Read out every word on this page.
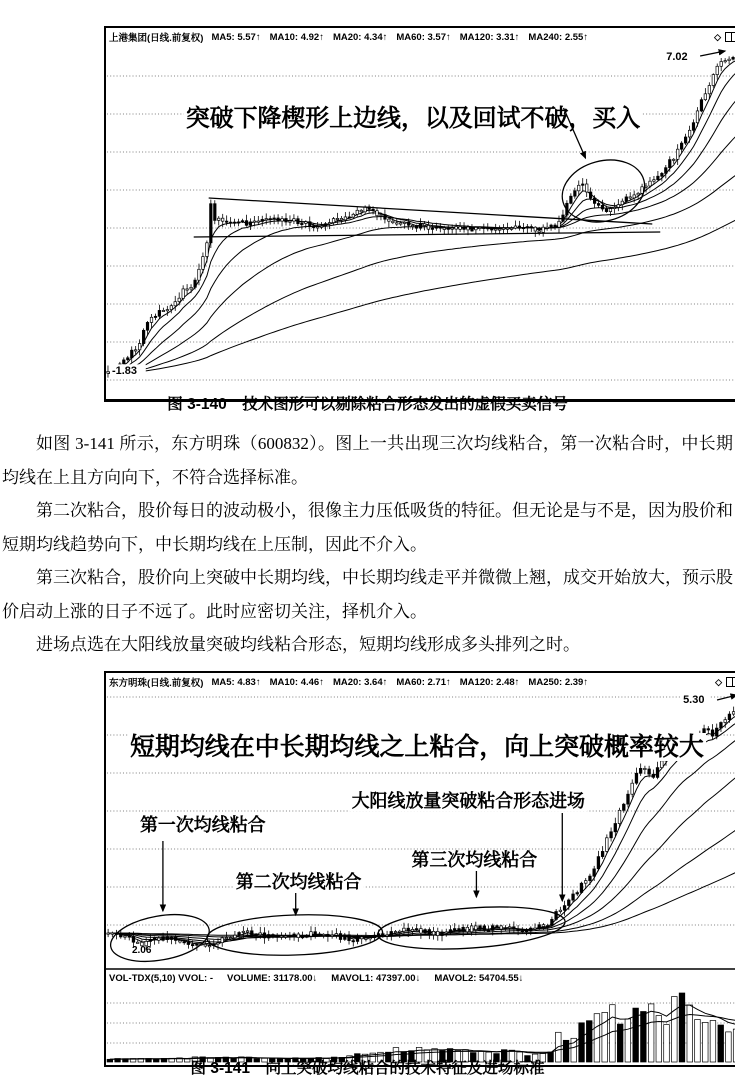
上港集团(日线.前复权) MA5: 5.57↑ MA10: 4.92↑ MA20: 4.34↑ MA60: 3.57↑ MA120: 3.31↑ MA240: 2.55↑	◇
突破下降楔形上边线，以及回试不破，买入
7.02
-1.83

图 3-140　技术图形可以剔除粘合形态发出的虚假买卖信号

如图 3-141 所示，东方明珠（600832）。图上一共出现三次均线粘合，第一次粘合时，中长期均线在上且方向向下，不符合选择标准。

第二次粘合，股价每日的波动极小，很像主力压低吸货的特征。但无论是与不是，因为股价和短期均线趋势向下，中长期均线在上压制，因此不介入。

第三次粘合，股价向上突破中长期均线，中长期均线走平并微微上翘，成交开始放大，预示股价启动上涨的日子不远了。此时应密切关注，择机介入。

进场点选在大阳线放量突破均线粘合形态，短期均线形成多头排列之时。

东方明珠(日线.前复权) MA5: 4.83↑ MA10: 4.46↑ MA20: 3.64↑ MA60: 2.71↑ MA120: 2.48↑ MA250: 2.39↑	◇
短期均线在中长期均线之上粘合，向上突破概率较大
大阳线放量突破粘合形态进场
第一次均线粘合
第二次均线粘合
第三次均线粘合
5.30
2.06
VOL-TDX(5,10) VVOL: -	VOLUME: 31178.00↓ MAVOL1: 47397.00↓ MAVOL2: 54704.55↓

图 3-141　向上突破均线粘合的技术特征及进场标准
